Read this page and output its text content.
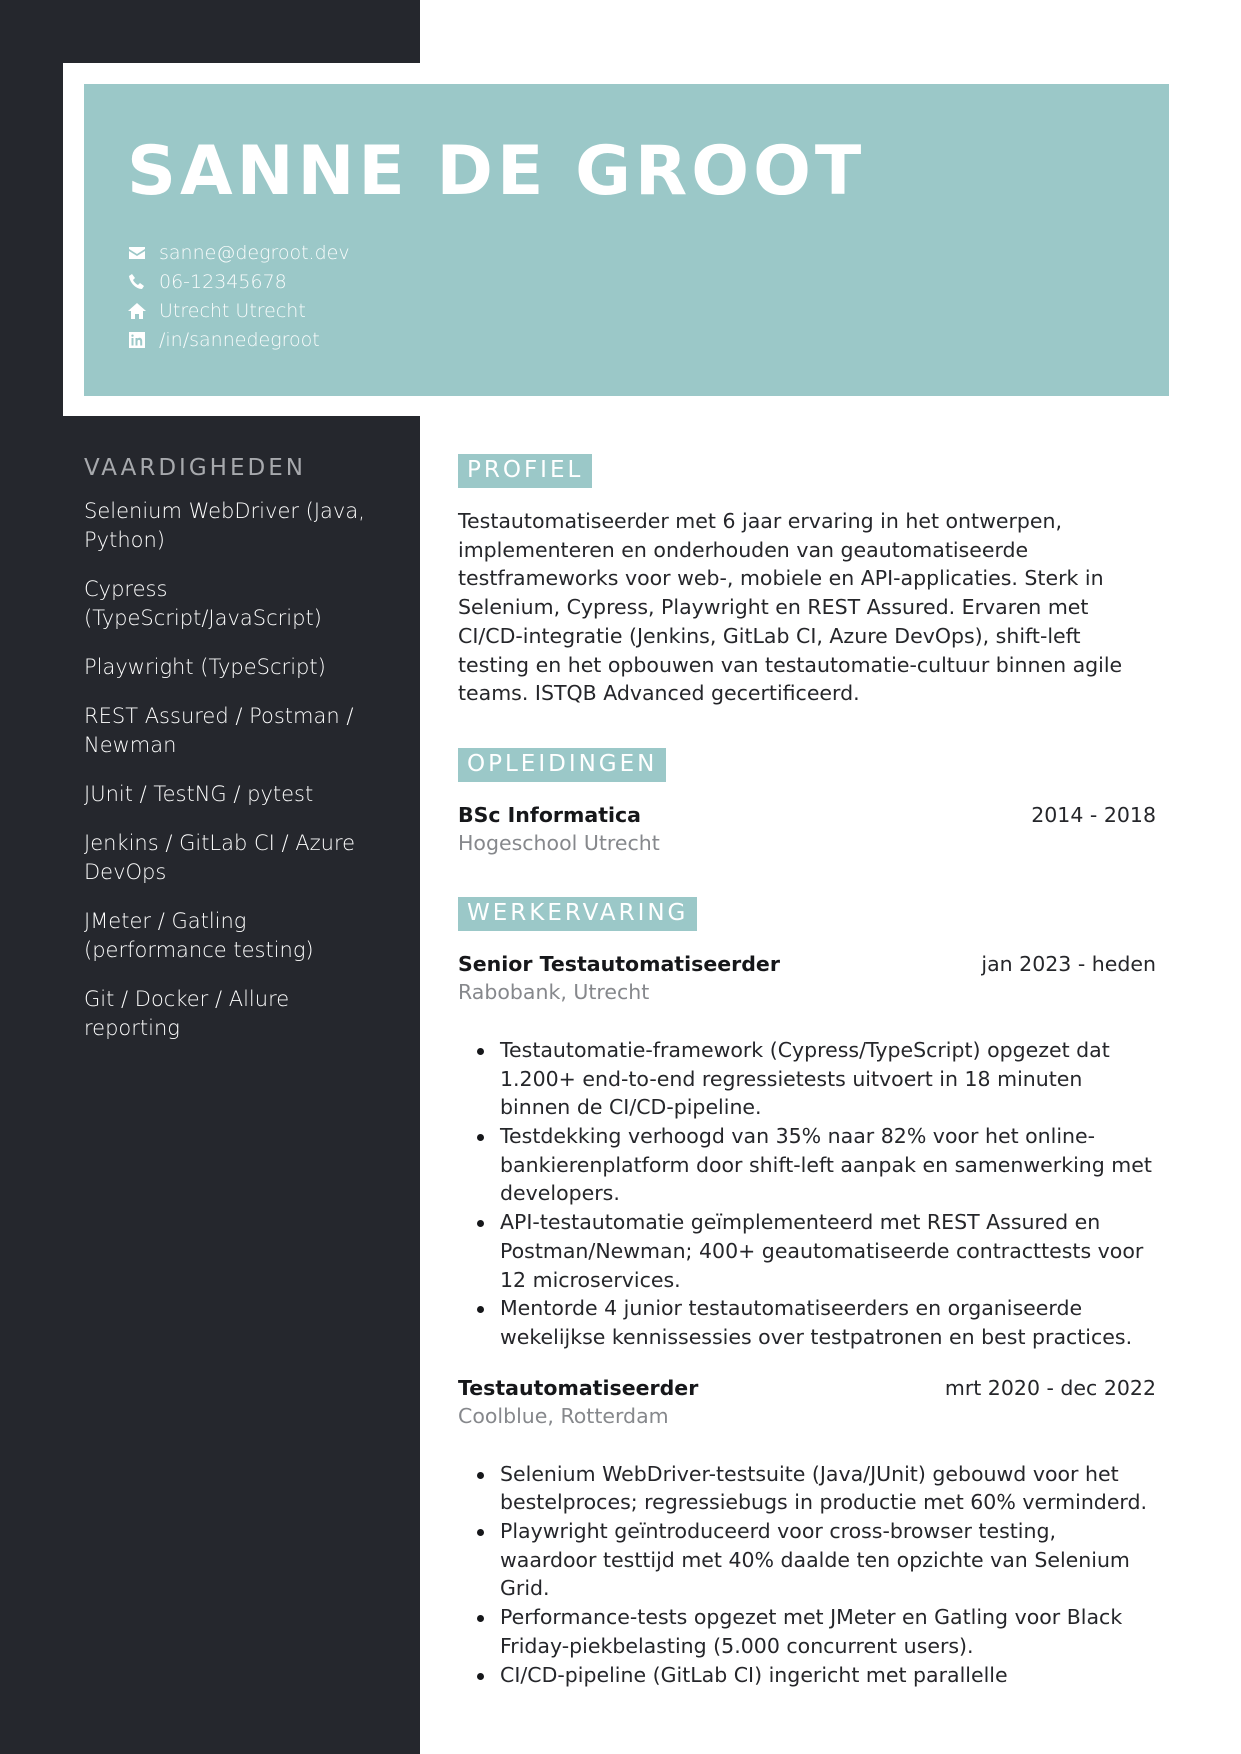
SANNE DE GROOT
sanne@degroot.dev
06-12345678
Utrecht Utrecht
/in/sannedegroot
VAARDIGHEDEN
Selenium WebDriver (Java, Python)
Cypress (TypeScript/JavaScript)
Playwright (TypeScript)
REST Assured / Postman / Newman
JUnit / TestNG / pytest
Jenkins / GitLab CI / Azure DevOps
JMeter / Gatling (performance testing)
Git / Docker / Allure reporting
PROFIEL

Testautomatiseerder met 6 jaar ervaring in het ontwerpen, implementeren en onderhouden van geautomatiseerde testframeworks voor web-, mobiele en API-applicaties. Sterk in Selenium, Cypress, Playwright en REST Assured. Ervaren met CI/CD-integratie (Jenkins, GitLab CI, Azure DevOps), shift-left testing en het opbouwen van testautomatie-cultuur binnen agile teams. ISTQB Advanced gecertificeerd.

OPLEIDINGEN
BSc Informatica	2014 - 2018
Hogeschool Utrecht
WERKERVARING
Senior Testautomatiseerder	jan 2023 - heden
Rabobank, Utrecht
Testautomatie-framework (Cypress/TypeScript) opgezet dat 1.200+ end-to-end regressietests uitvoert in 18 minuten binnen de CI/CD-pipeline.
Testdekking verhoogd van 35% naar 82% voor het online-bankierenplatform door shift-left aanpak en samenwerking met developers.
API-testautomatie geïmplementeerd met REST Assured en Postman/Newman; 400+ geautomatiseerde contracttests voor 12 microservices.
Mentorde 4 junior testautomatiseerders en organiseerde wekelijkse kennissessies over testpatronen en best practices.
Testautomatiseerder	mrt 2020 - dec 2022
Coolblue, Rotterdam
Selenium WebDriver-testsuite (Java/JUnit) gebouwd voor het bestelproces; regressiebugs in productie met 60% verminderd.
Playwright geïntroduceerd voor cross-browser testing, waardoor testtijd met 40% daalde ten opzichte van Selenium Grid.
Performance-tests opgezet met JMeter en Gatling voor Black Friday-piekbelasting (5.000 concurrent users).
CI/CD-pipeline (GitLab CI) ingericht met parallelle
